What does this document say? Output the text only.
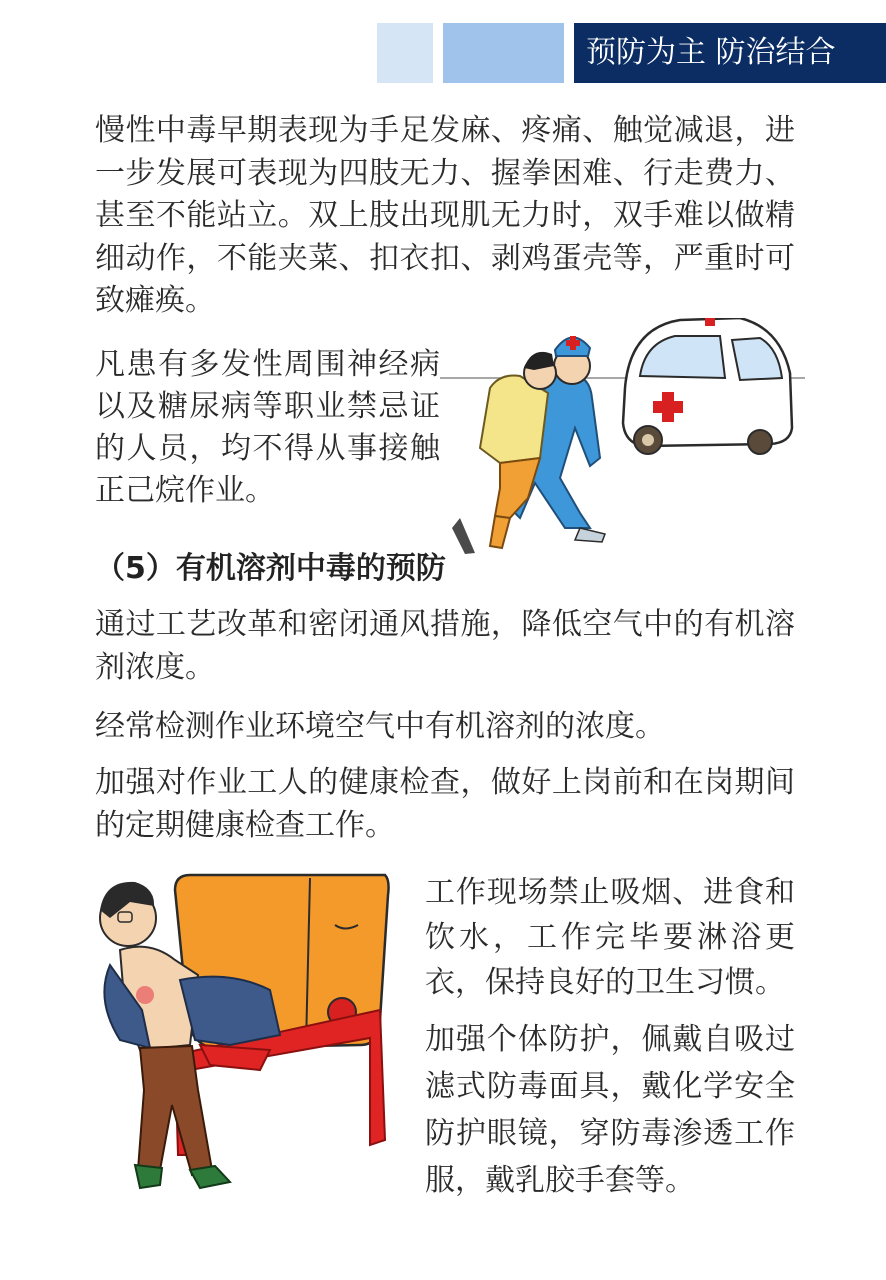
预防为主 防治结合

慢性中毒早期表现为手足发麻、疼痛、触觉减退，进一步发展可表现为四肢无力、握拳困难、行走费力、甚至不能站立。双上肢出现肌无力时，双手难以做精细动作，不能夹菜、扣衣扣、剥鸡蛋壳等，严重时可致瘫痪。

凡患有多发性周围神经病以及糖尿病等职业禁忌证的人员，均不得从事接触正己烷作业。

（5）有机溶剂中毒的预防

通过工艺改革和密闭通风措施，降低空气中的有机溶剂浓度。

经常检测作业环境空气中有机溶剂的浓度。

加强对作业工人的健康检查，做好上岗前和在岗期间的定期健康检查工作。

工作现场禁止吸烟、进食和饮水，工作完毕要淋浴更衣，保持良好的卫生习惯。

加强个体防护，佩戴自吸过滤式防毒面具，戴化学安全防护眼镜，穿防毒渗透工作服，戴乳胶手套等。
